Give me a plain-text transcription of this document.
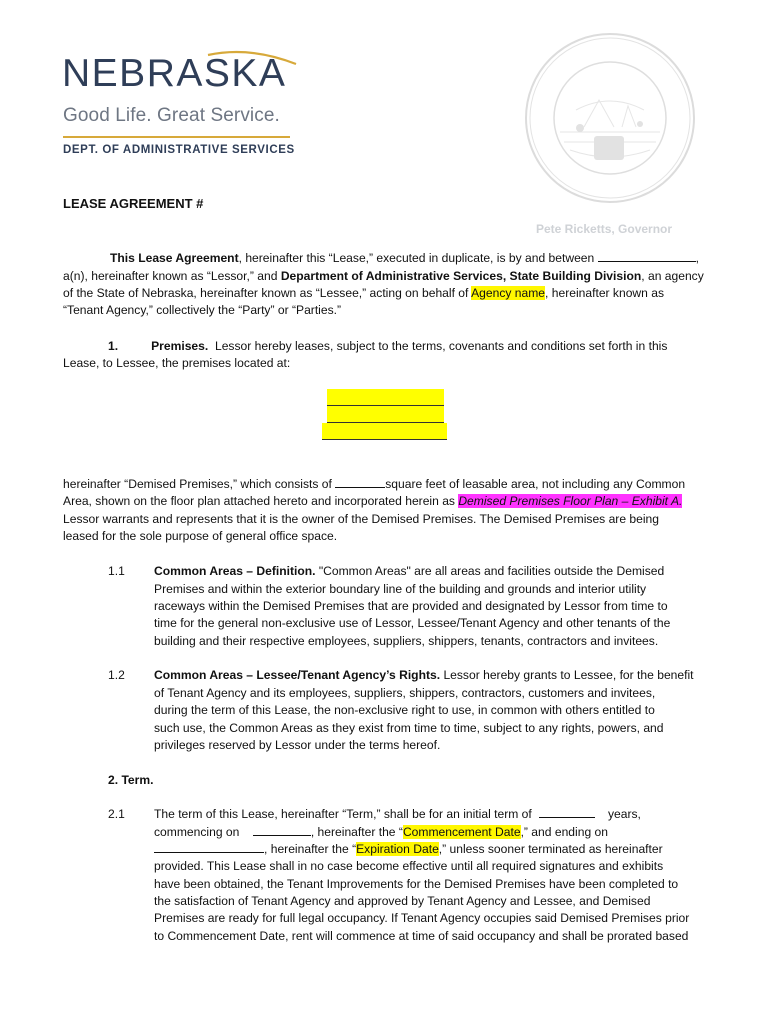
NEBRASKA
Good Life. Great Service.
DEPT. OF ADMINISTRATIVE SERVICES
Pete Ricketts, Governor
LEASE AGREEMENT #
This Lease Agreement, hereinafter this “Lease,” executed in duplicate, is by and between	,
a(n), hereinafter known as “Lessor,” and Department of Administrative Services, State Building Division, an agency
of the State of Nebraska, hereinafter known as “Lessee,” acting on behalf of Agency name, hereinafter known as
“Tenant Agency,” collectively the “Party” or “Parties.”
1.	Premises. Lessor hereby leases, subject to the terms, covenants and conditions set forth in this
Lease, to Lessee, the premises located at:
hereinafter “Demised Premises,” which consists of	square feet of leasable area, not including any Common
Area, shown on the floor plan attached hereto and incorporated herein as Demised Premises Floor Plan – Exhibit A.
Lessor warrants and represents that it is the owner of the Demised Premises. The Demised Premises are being
leased for the sole purpose of general office space.
1.1 Common Areas – Definition. "Common Areas" are all areas and facilities outside the Demised
Premises and within the exterior boundary line of the building and grounds and interior utility
raceways within the Demised Premises that are provided and designated by Lessor from time to
time for the general non-exclusive use of Lessor, Lessee/Tenant Agency and other tenants of the
building and their respective employees, suppliers, shippers, tenants, contractors and invitees.
1.2 Common Areas – Lessee/Tenant Agency’s Rights. Lessor hereby grants to Lessee, for the benefit
of Tenant Agency and its employees, suppliers, shippers, contractors, customers and invitees,
during the term of this Lease, the non-exclusive right to use, in common with others entitled to
such use, the Common Areas as they exist from time to time, subject to any rights, powers, and
privileges reserved by Lessor under the terms hereof.
2. Term.
2.1 The term of this Lease, hereinafter “Term,” shall be for an initial term of	years,
commencing on	, hereinafter the “Commencement Date,” and ending on
, hereinafter the “Expiration Date,” unless sooner terminated as hereinafter
provided. This Lease shall in no case become effective until all required signatures and exhibits
have been obtained, the Tenant Improvements for the Demised Premises have been completed to
the satisfaction of Tenant Agency and approved by Tenant Agency and Lessee, and Demised
Premises are ready for full legal occupancy. If Tenant Agency occupies said Demised Premises prior
to Commencement Date, rent will commence at time of said occupancy and shall be prorated based
